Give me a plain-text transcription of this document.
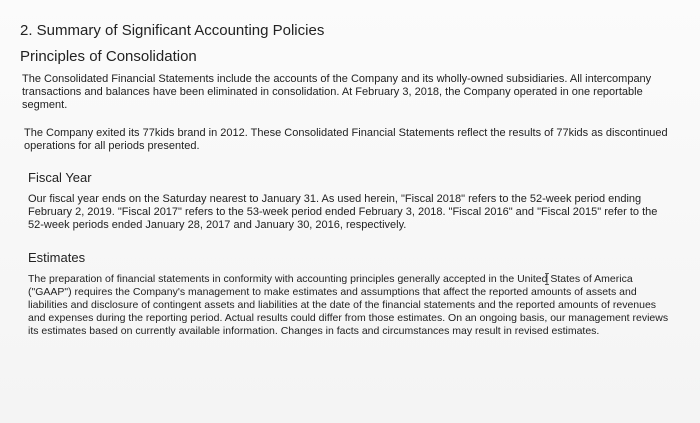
2. Summary of Significant Accounting Policies
Principles of Consolidation

The Consolidated Financial Statements include the accounts of the Company and its wholly-owned subsidiaries. All intercompany transactions and balances have been eliminated in consolidation. At February 3, 2018, the Company operated in one reportable segment.

The Company exited its 77kids brand in 2012. These Consolidated Financial Statements reflect the results of 77kids as discontinued operations for all periods presented.

Fiscal Year

Our fiscal year ends on the Saturday nearest to January 31. As used herein, "Fiscal 2018" refers to the 52-week period ending February 2, 2019. "Fiscal 2017" refers to the 53-week period ended February 3, 2018. "Fiscal 2016" and "Fiscal 2015" refer to the 52-week periods ended January 28, 2017 and January 30, 2016, respectively.

Estimates

The preparation of financial statements in conformity with accounting principles generally accepted in the United States of America ("GAAP") requires the Company's management to make estimates and assumptions that affect the reported amounts of assets and liabilities and disclosure of contingent assets and liabilities at the date of the financial statements and the reported amounts of revenues and expenses during the reporting period. Actual results could differ from those estimates. On an ongoing basis, our management reviews its estimates based on currently available information. Changes in facts and circumstances may result in revised estimates.
